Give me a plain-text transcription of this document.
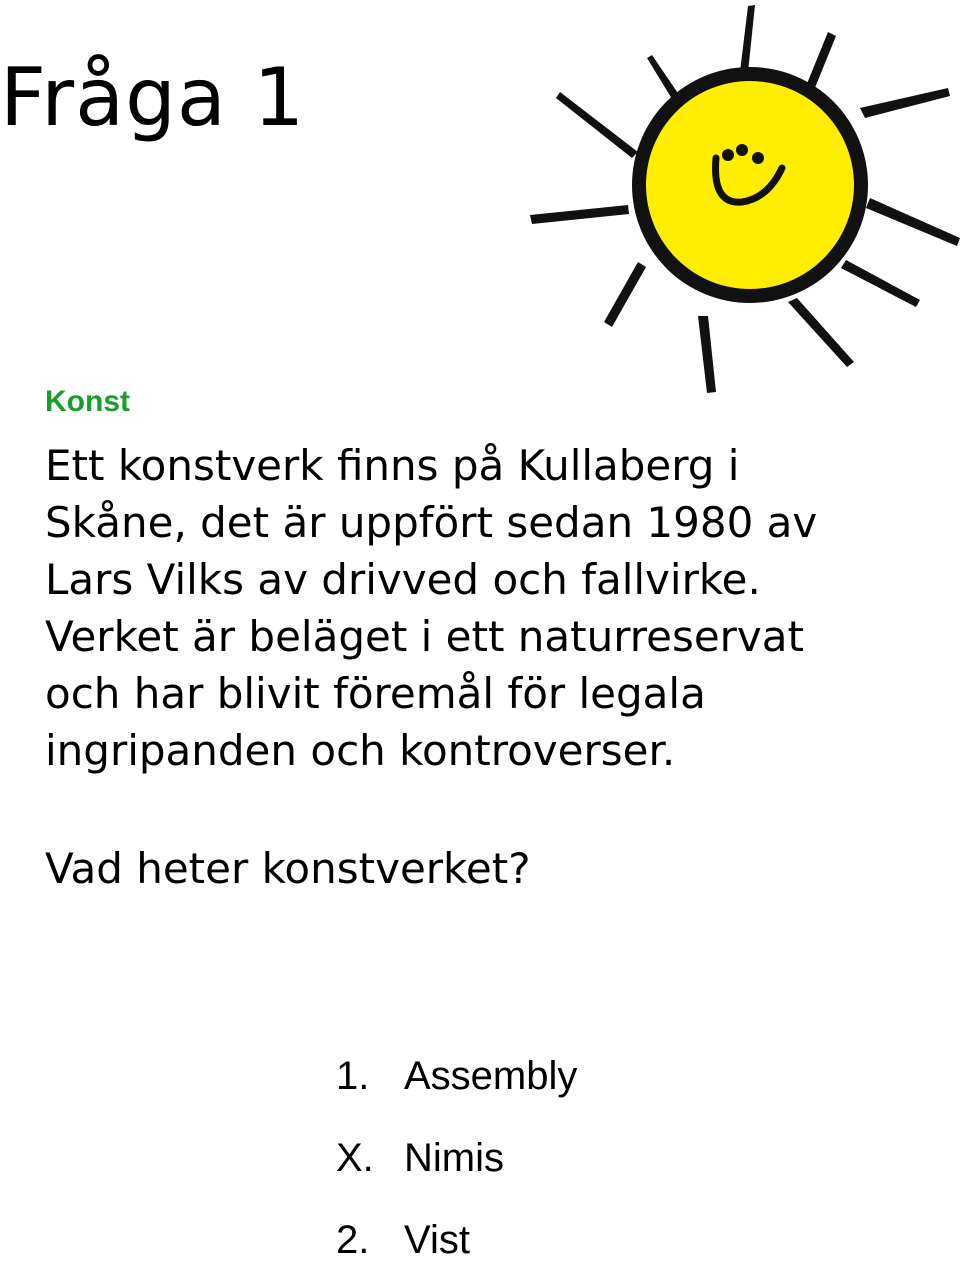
Fråga 1
Konst
Ett konstverk finns på Kullaberg i
Skåne, det är uppfört sedan 1980 av
Lars Vilks av drivved och fallvirke.
Verket är beläget i ett naturreservat
och har blivit föremål för legala
ingripanden och kontroverser.
Vad heter konstverket?
1. Assembly
X. Nimis
2. Vist
